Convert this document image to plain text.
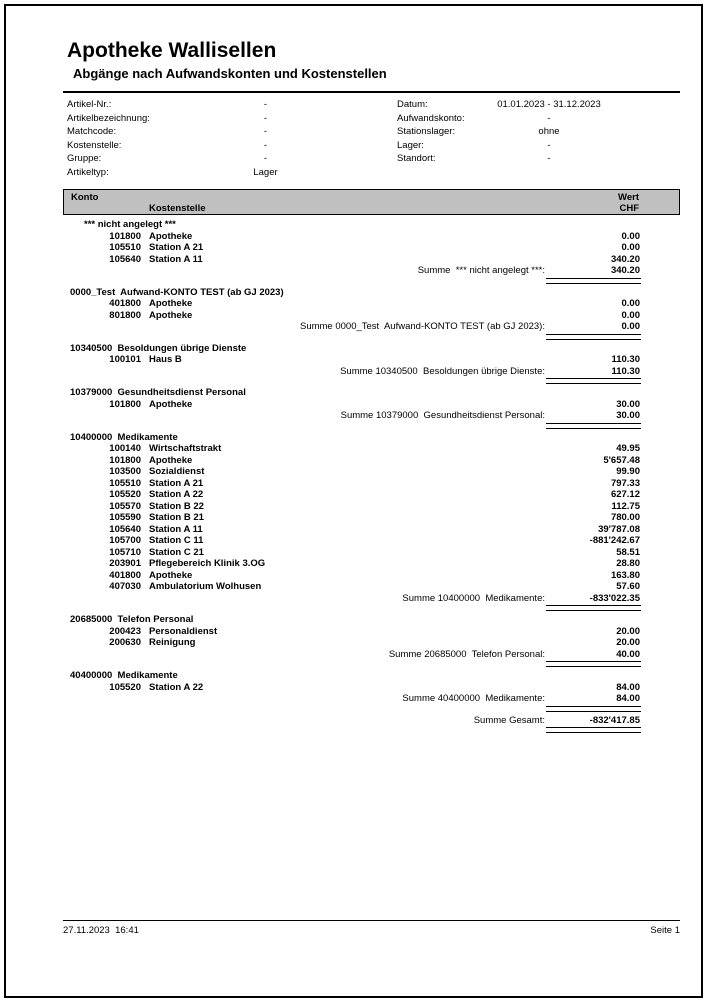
Apotheke Wallisellen
Abgänge nach Aufwandskonten und Kostenstellen
Artikel-Nr.:	-	Datum:	01.01.2023 - 31.12.2023
Artikelbezeichnung:	-	Aufwandskonto:	-
Matchcode:	-	Stationslager:	ohne
Kostenstelle:	-	Lager:	-
Gruppe:	-	Standort:	-
Artikeltyp:	Lager
Konto	Wert
Kostenstelle	CHF
*** nicht angelegt ***
101800 Apotheke	0.00
105510 Station A 21	0.00
105640 Station A 11	340.20
Summe  *** nicht angelegt ***:	340.20
0000_Test  Aufwand-KONTO TEST (ab GJ 2023)
401800 Apotheke	0.00
801800 Apotheke	0.00
Summe 0000_Test  Aufwand-KONTO TEST (ab GJ 2023):	0.00
10340500  Besoldungen übrige Dienste
100101 Haus B	110.30
Summe 10340500  Besoldungen übrige Dienste:	110.30
10379000  Gesundheitsdienst Personal
101800 Apotheke	30.00
Summe 10379000  Gesundheitsdienst Personal:	30.00
10400000  Medikamente
100140 Wirtschaftstrakt	49.95
101800 Apotheke	5'657.48
103500 Sozialdienst	99.90
105510 Station A 21	797.33
105520 Station A 22	627.12
105570 Station B 22	112.75
105590 Station B 21	780.00
105640 Station A 11	39'787.08
105700 Station C 11	-881'242.67
105710 Station C 21	58.51
203901 Pflegebereich Klinik 3.OG	28.80
401800 Apotheke	163.80
407030 Ambulatorium Wolhusen	57.60
Summe 10400000  Medikamente:	-833'022.35
20685000  Telefon Personal
200423 Personaldienst	20.00
200630 Reinigung	20.00
Summe 20685000  Telefon Personal:	40.00
40400000  Medikamente
105520 Station A 22	84.00
Summe 40400000  Medikamente:	84.00
Summe Gesamt:	-832'417.85
27.11.2023  16:41	Seite 1
